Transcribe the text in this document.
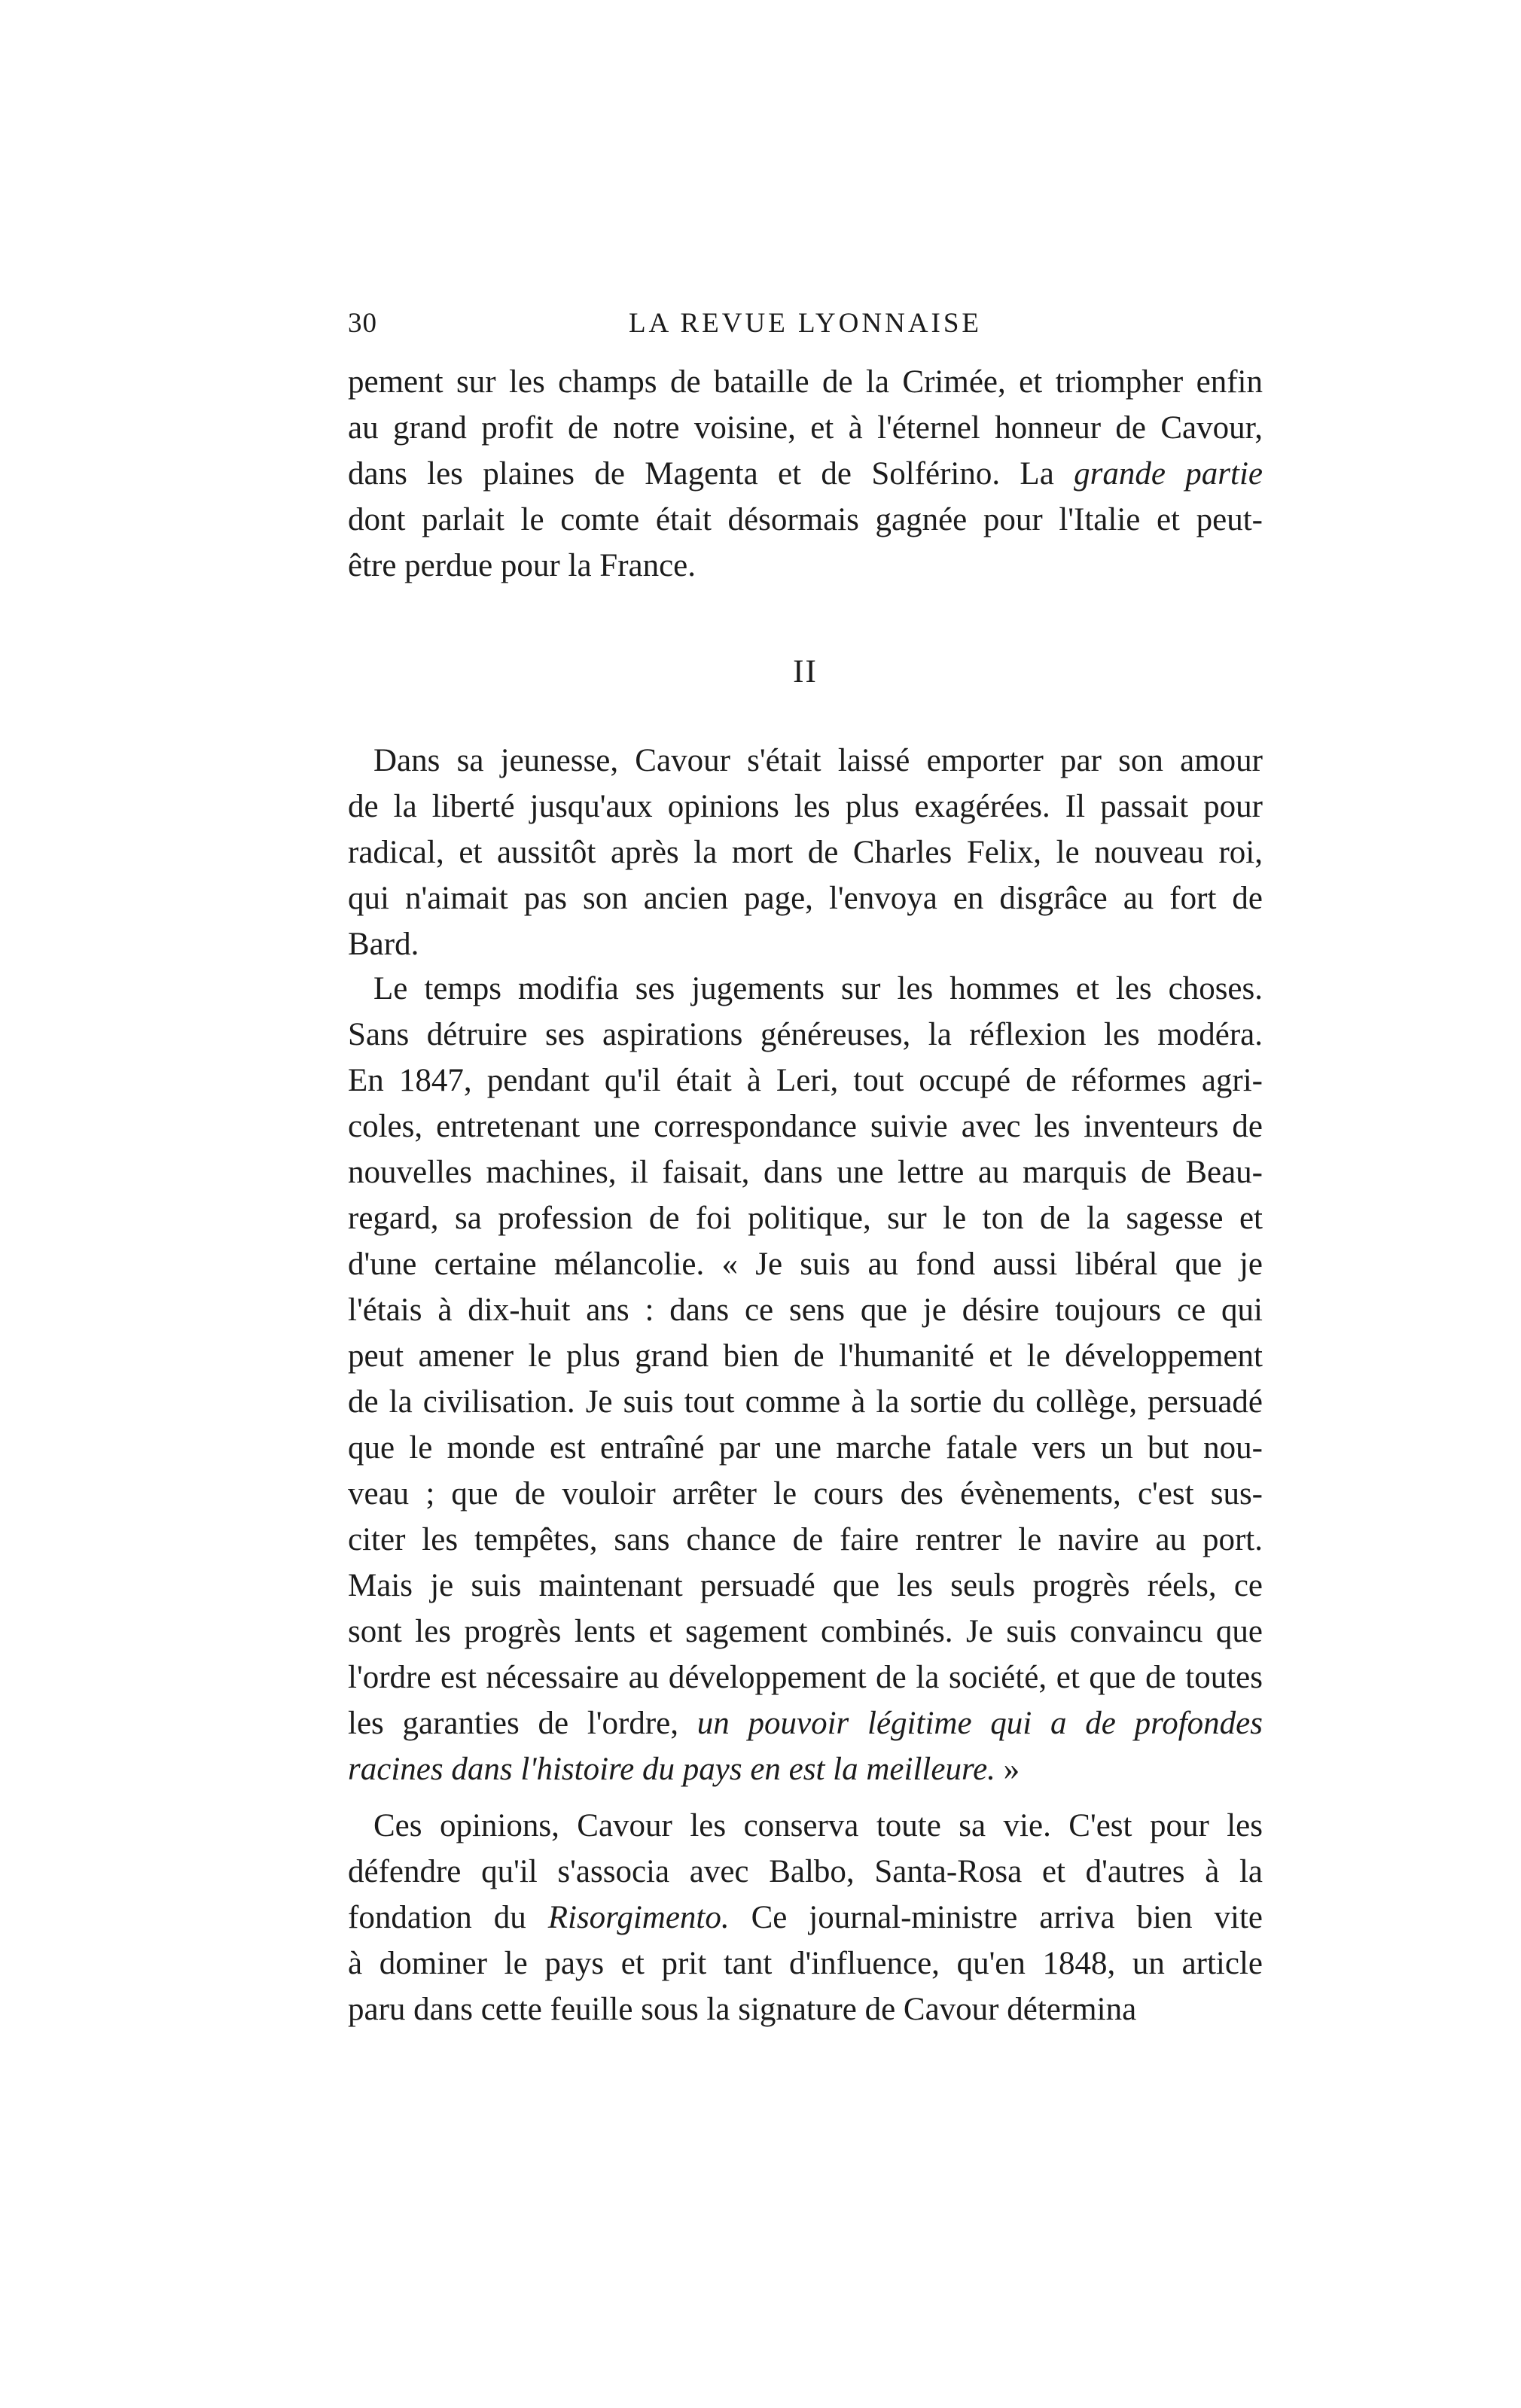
30	LA REVUE LYONNAISE
pement sur les champs de bataille de la Crimée, et triompher enfin
au grand profit de notre voisine, et à l'éternel honneur de Cavour,
dans les plaines de Magenta et de Solférino. La grande partie
dont parlait le comte était désormais gagnée pour l'Italie et peut-
être perdue pour la France.
II
Dans sa jeunesse, Cavour s'était laissé emporter par son amour
de la liberté jusqu'aux opinions les plus exagérées. Il passait pour
radical, et aussitôt après la mort de Charles Felix, le nouveau roi,
qui n'aimait pas son ancien page, l'envoya en disgrâce au fort de
Bard.
Le temps modifia ses jugements sur les hommes et les choses.
Sans détruire ses aspirations généreuses, la réflexion les modéra.
En 1847, pendant qu'il était à Leri, tout occupé de réformes agri-
coles, entretenant une correspondance suivie avec les inventeurs de
nouvelles machines, il faisait, dans une lettre au marquis de Beau-
regard, sa profession de foi politique, sur le ton de la sagesse et
d'une certaine mélancolie. « Je suis au fond aussi libéral que je
l'étais à dix-huit ans : dans ce sens que je désire toujours ce qui
peut amener le plus grand bien de l'humanité et le développement
de la civilisation. Je suis tout comme à la sortie du collège, persuadé
que le monde est entraîné par une marche fatale vers un but nou-
veau ; que de vouloir arrêter le cours des évènements, c'est sus-
citer les tempêtes, sans chance de faire rentrer le navire au port.
Mais je suis maintenant persuadé que les seuls progrès réels, ce
sont les progrès lents et sagement combinés. Je suis convaincu que
l'ordre est nécessaire au développement de la société, et que de toutes
les garanties de l'ordre, un pouvoir légitime qui a de profondes
racines dans l'histoire du pays en est la meilleure. »
Ces opinions, Cavour les conserva toute sa vie. C'est pour les
défendre qu'il s'associa avec Balbo, Santa-Rosa et d'autres à la
fondation du Risorgimento. Ce journal-ministre arriva bien vite
à dominer le pays et prit tant d'influence, qu'en 1848, un article
paru dans cette feuille sous la signature de Cavour détermina
